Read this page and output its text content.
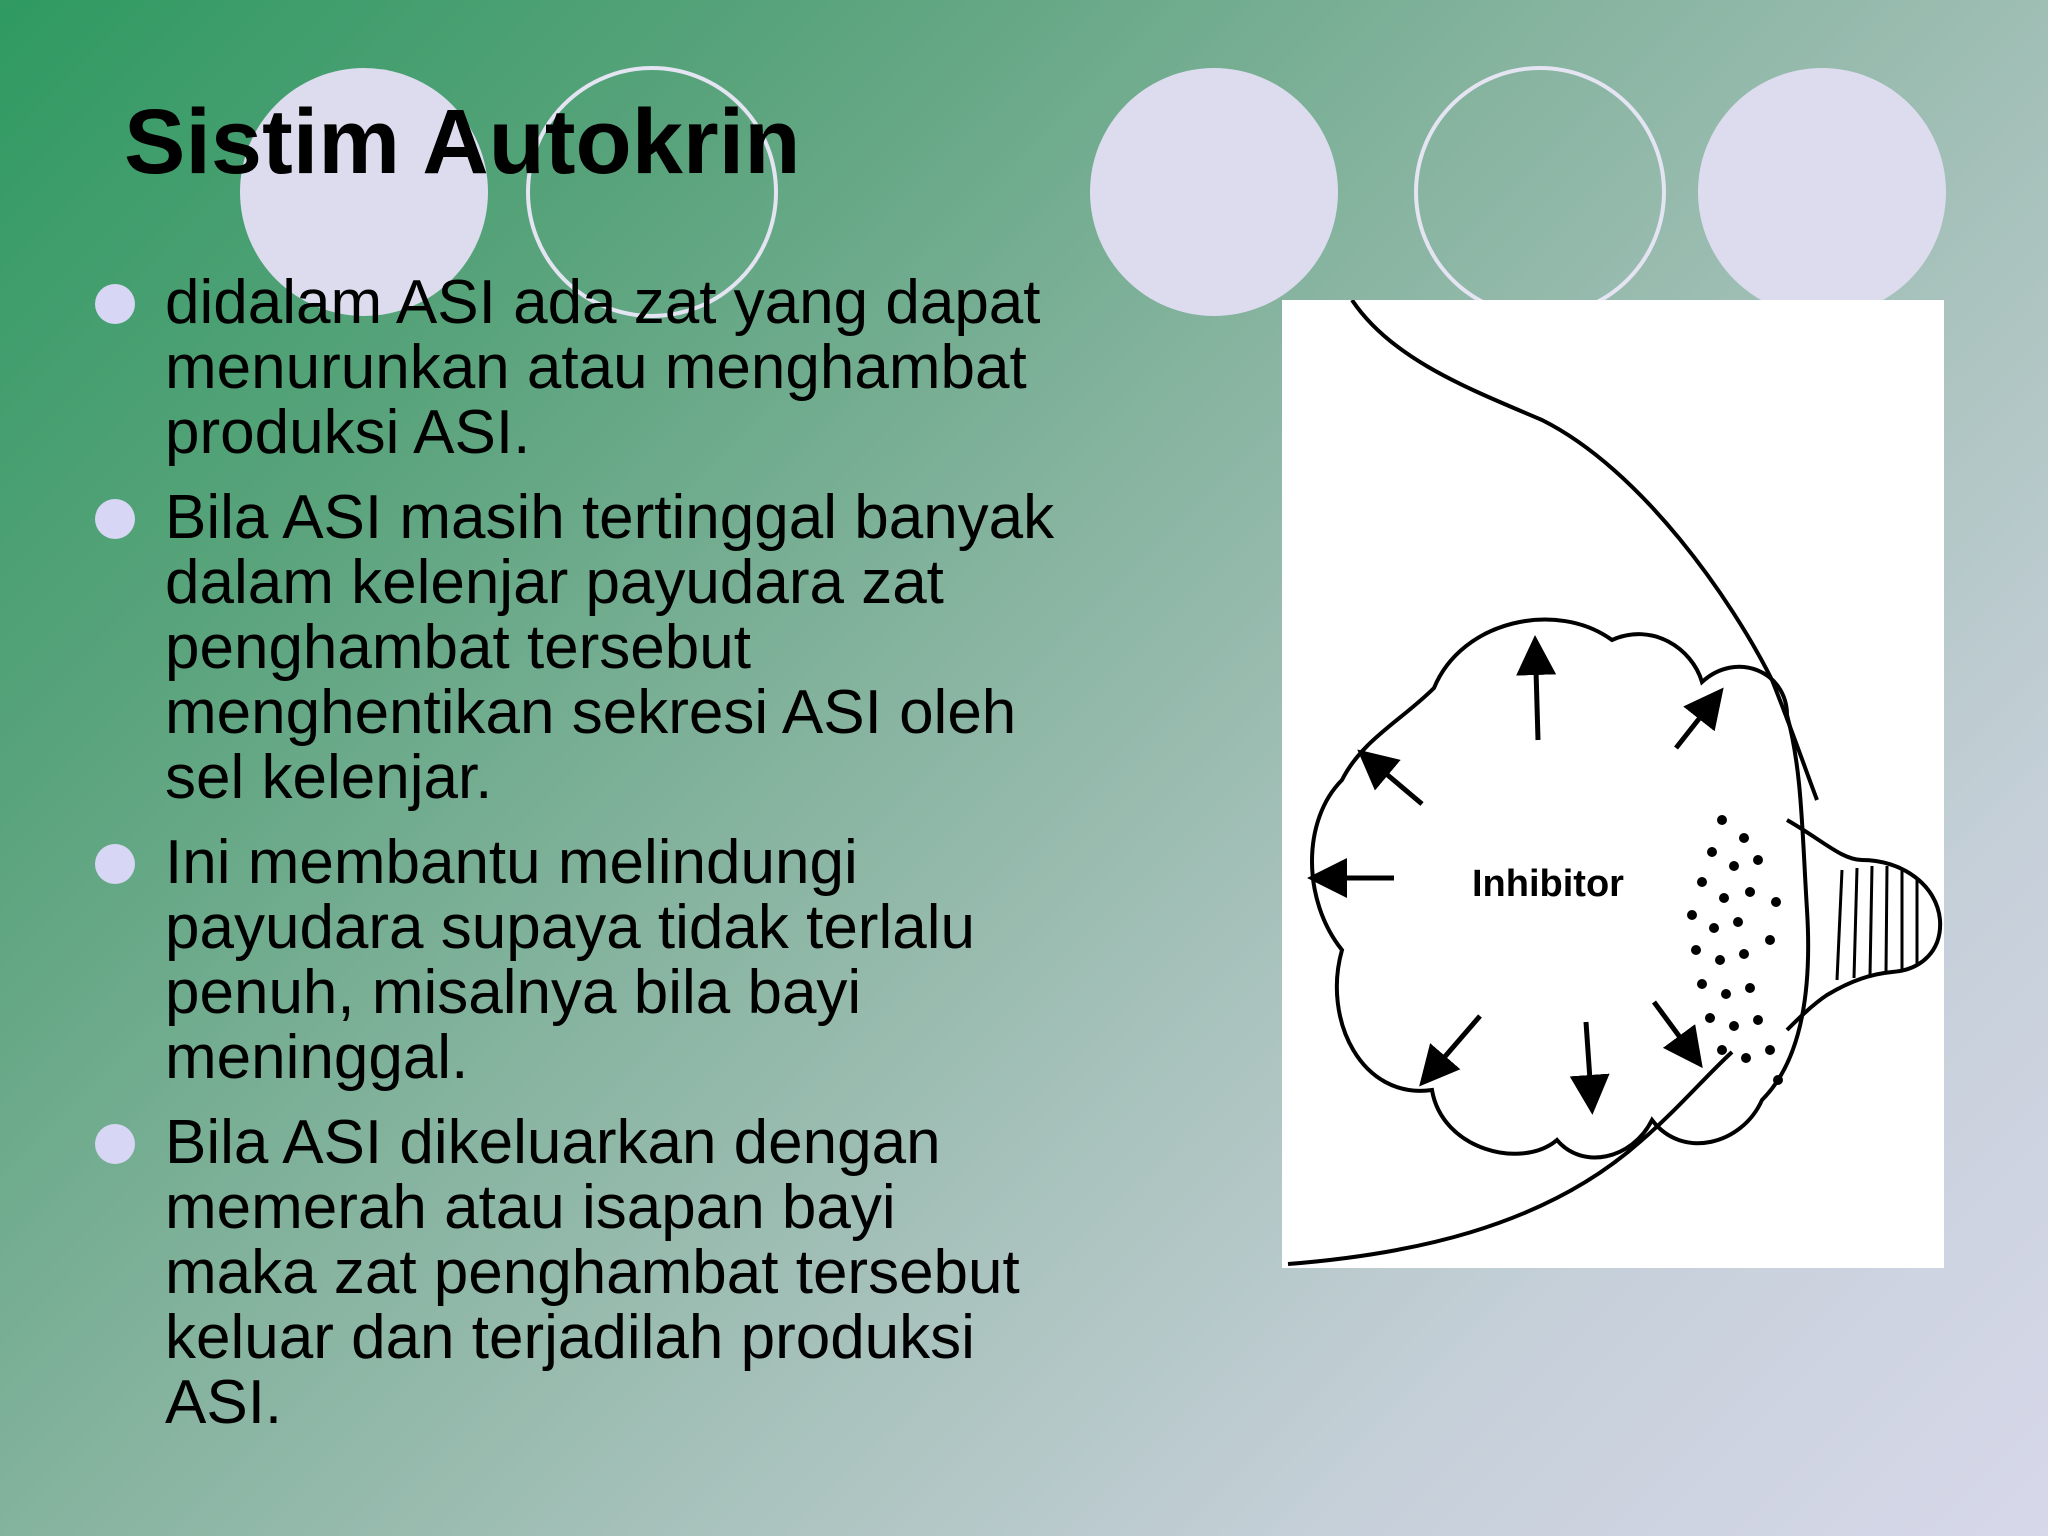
Sistim Autokrin
didalam ASI ada zat yang dapat
menurunkan atau menghambat
produksi ASI.
Bila ASI masih tertinggal banyak
dalam kelenjar payudara zat
penghambat tersebut
menghentikan sekresi ASI oleh
sel kelenjar.
Ini membantu melindungi
payudara supaya tidak terlalu
penuh, misalnya bila bayi
meninggal.
Bila ASI dikeluarkan dengan
memerah atau isapan bayi
maka zat penghambat tersebut
keluar dan terjadilah produksi
ASI.
Inhibitor
